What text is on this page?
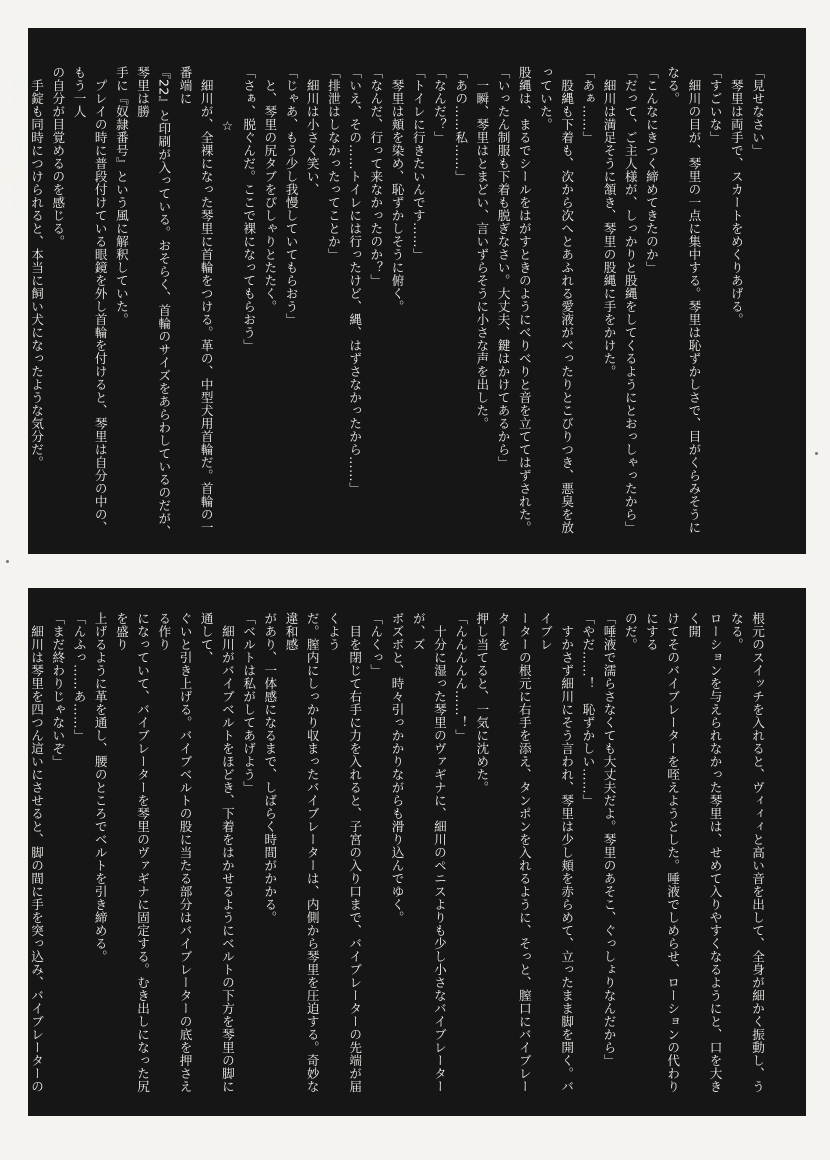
「見せなさい」
　琴里は両手で、スカートをめくりあげる。
「すごいな」
　細川の目が、琴里の一点に集中する。琴里は恥ずかしさで、目がくらみそうになる。
「こんなにきつく締めてきたのか」
「だって、ご主人様が、しっかりと股縄をしてくるようにとおっしゃったから」
　細川は満足そうに頷き、琴里の股縄に手をかけた。
「あぁ……」
　股縄も下着も、次から次へとあふれる愛液がべったりとこびりつき、悪臭を放っていた。
股縄は、まるでシールをはがすときのようにべりべりと音を立ててはずされた。
「いったん制服も下着も脱ぎなさい。大丈夫、鍵はかけてあるから」
　一瞬、琴里はとまどい、言いずらそうに小さな声を出した。
「あの……私……」
「なんだ？」
「トイレに行きたいんです……」
　琴里は頬を染め、恥ずかしそうに俯く。
「なんだ、行って来なかったのか？」
「いえ、その……トイレには行ったけど、縄、はずさなかったから……」
「排泄はしなかったってことか」
　細川は小さく笑い、
「じゃあ、もう少し我慢していてもらおう」
　と、琴里の尻タブをぴしゃりとたたく。
「さぁ、脱ぐんだ。ここで裸になってもらおう」
　　　　☆
　細川が、全裸になった琴里に首輪をつける。革の、中型犬用首輪だ。首輪の一番端に
『22』と印刷が入っている。おそらく、首輪のサイズをあらわしているのだが、琴里は勝
手に『奴隷番号』という風に解釈していた。
　プレイの時に普段付けている眼鏡を外し首輪を付けると、琴里は自分の中の、もう一人
の自分が目覚めるのを感じる。
　手錠も同時につけられると、本当に飼い犬になったような気分だ。
「それと、今日はこれもだ」
根元のスイッチを入れると、ヴィィィと高い音を出して、全身が細かく振動し、うなる。
ローションを与えられなかった琴里は、せめて入りやすくなるようにと、口を大きく開
けてそのバイブレーターを咥えようとした。唾液でしめらせ、ローションの代わりにする
のだ。
「唾液で濡らさなくても大丈夫だよ。琴里のあそこ、ぐっしょりなんだから」
「やだ……！　恥ずかしい……」
　すかさず細川にそう言われ、琴里は少し頬を赤らめて、立ったまま脚を開く。バイブレ
ーターの根元に右手を添え、タンポンを入れるように、そっと、膣口にバイブレーターを
押し当てると、一気に沈めた。
「んんんんん……！」
　十分に湿った琴里のヴァギナに、細川のペニスよりも少し小さなバイブレーターが、ズ
ボズボと、時々引っかかりながらも滑り込んでゆく。
「んくっ」
　目を閉じて右手に力を入れると、子宮の入り口まで、バイブレーターの先端が届くよう
だ。膣内にしっかり収まったバイブレーターは、内側から琴里を圧迫する。奇妙な違和感
があり、一体感になるまで、しばらく時間がかかる。
「ベルトは私がしてあげよう」
　細川がバイブベルトをほどき、下着をはかせるようにベルトの下方を琴里の脚に通して、
ぐいと引き上げる。バイブベルトの股に当たる部分はバイブレーターの底を押さえる作り
になっていて、バイブレーターを琴里のヴァギナに固定する。むき出しになった尻を盛り
上げるように革を通し、腰のところでベルトを引き締める。
「んふっ……あ……」
「まだ終わりじゃないぞ」
　細川は琴里を四つん這いにさせると、脚の間に手を突っ込み、バイブレーターのスイッ
